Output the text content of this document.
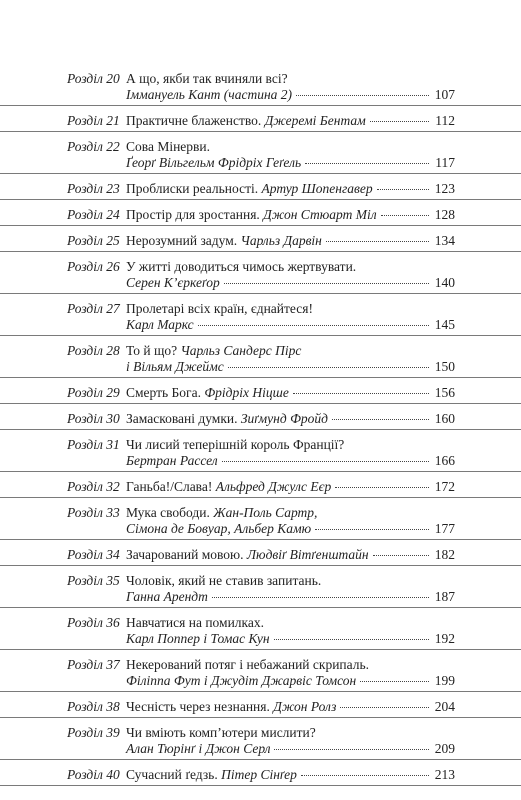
Розділ 20 А що, якби так вчиняли всі?
Іммануель Кант (частина 2)	107
Розділ 21 Практичне блаженство. Джеремі Бентам	112
Розділ 22 Сова Мінерви.
Ґеорґ Вільгельм Фрідріх Геґель	117
Розділ 23 Проблиски реальності. Артур Шопенгавер	123
Розділ 24 Простір для зростання. Джон Стюарт Міл	128
Розділ 25 Нерозумний задум. Чарльз Дарвін	134
Розділ 26 У житті доводиться чимось жертвувати.
Серен К’єркеґор	140
Розділ 27 Пролетарі всіх країн, єднайтеся!
Карл Маркс	145
Розділ 28 То й що? Чарльз Сандерс Пірс
і Вільям Джеймс	150
Розділ 29 Смерть Бога. Фрідріх Ніцше	156
Розділ 30 Замасковані думки. Зиґмунд Фройд	160
Розділ 31 Чи лисий теперішній король Франції?
Бертран Рассел	166
Розділ 32 Ганьба!/Слава! Альфред Джулс Еєр	172
Розділ 33 Мука свободи. Жан-Поль Сартр,
Сімона де Бовуар, Альбер Камю	177
Розділ 34 Зачарований мовою. Людвіґ Вітґенштайн	182
Розділ 35 Чоловік, який не ставив запитань.
Ганна Арендт	187
Розділ 36 Навчатися на помилках.
Карл Поппер і Томас Кун	192
Розділ 37 Некерований потяг і небажаний скрипаль.
Філіппа Фут і Джудіт Джарвіс Томсон	199
Розділ 38 Чесність через незнання. Джон Ролз	204
Розділ 39 Чи вміють комп’ютери мислити?
Алан Тюрінґ і Джон Серл	209
Розділ 40 Сучасний ґедзь. Пітер Сінґер	213
